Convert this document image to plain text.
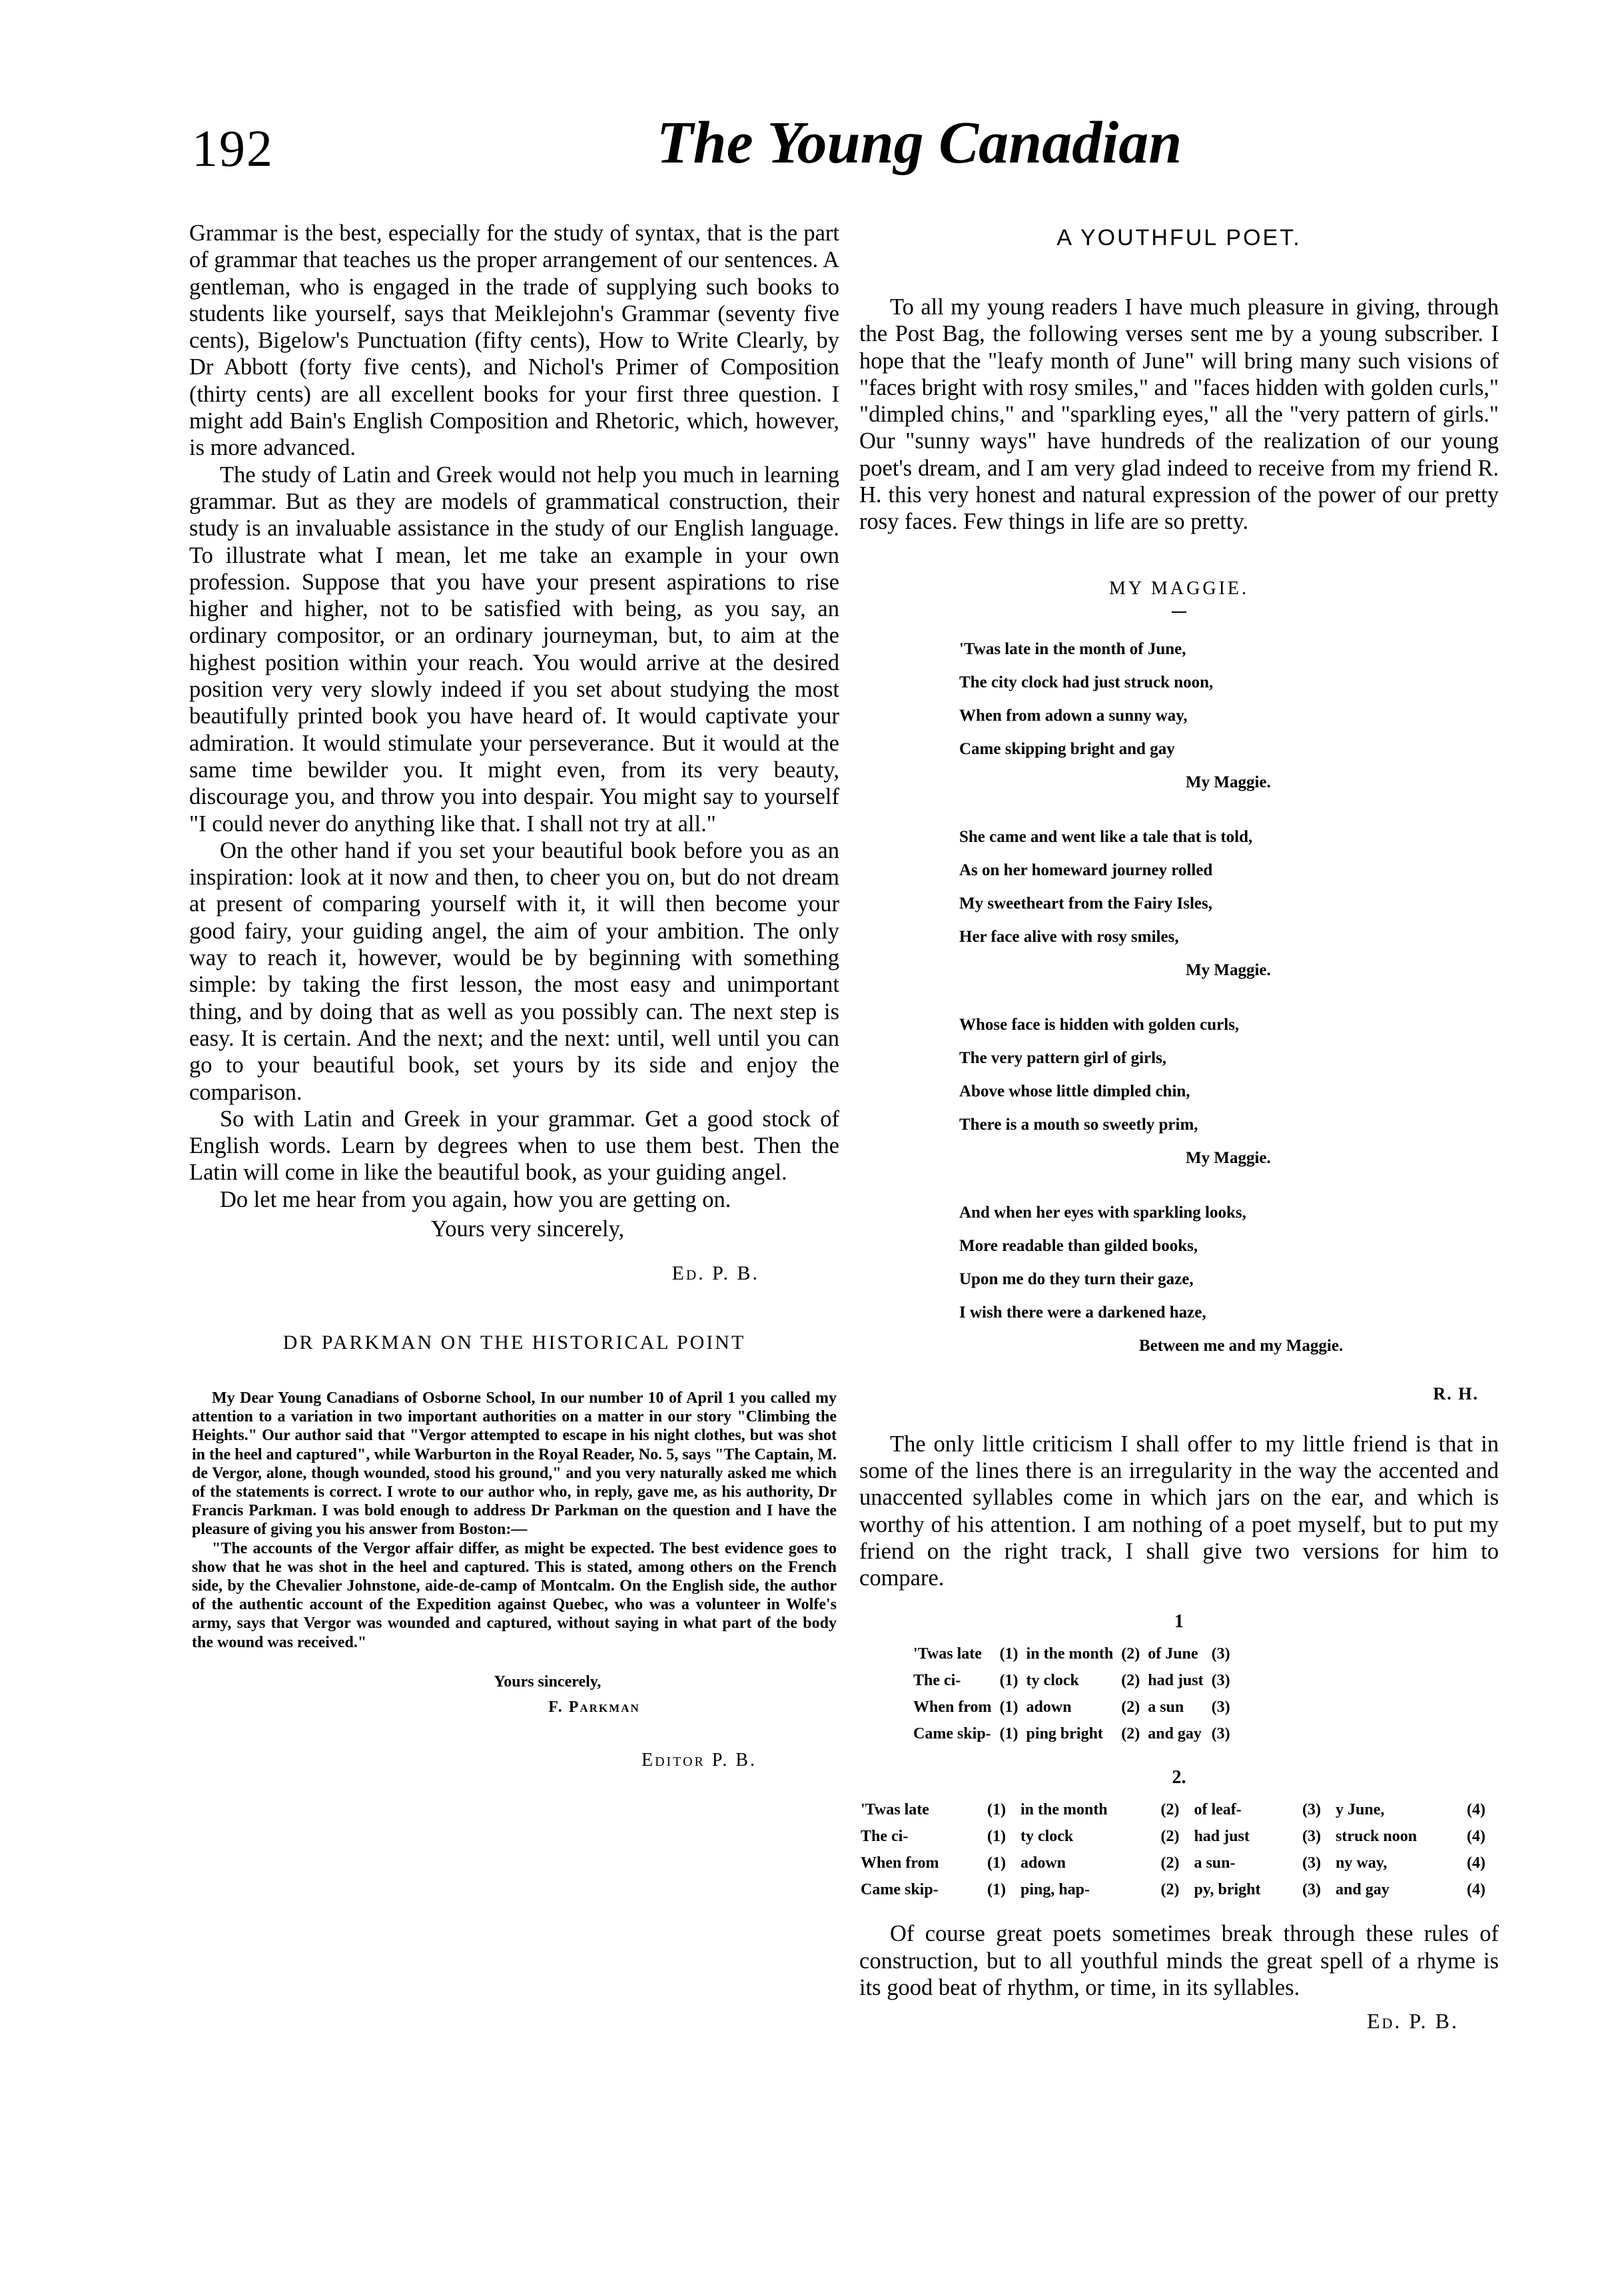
192	The Young Canadian

Grammar is the best, especially for the study of syntax, that is the part of grammar that teaches us the proper arrangement of our sentences. A gentleman, who is engaged in the trade of supplying such books to students like yourself, says that Meiklejohn's Grammar (seventy five cents), Bigelow's Punctuation (fifty cents), How to Write Clearly, by Dr Abbott (forty five cents), and Nichol's Primer of Composition (thirty cents) are all excellent books for your first three question. I might add Bain's English Composition and Rhetoric, which, however, is more advanced.

The study of Latin and Greek would not help you much in learning grammar. But as they are models of grammatical construction, their study is an invaluable assistance in the study of our English language. To illustrate what I mean, let me take an example in your own profession. Suppose that you have your present aspirations to rise higher and higher, not to be satisfied with being, as you say, an ordinary compositor, or an ordinary journeyman, but, to aim at the highest position within your reach. You would arrive at the desired position very very slowly indeed if you set about studying the most beautifully printed book you have heard of. It would captivate your admiration. It would stimulate your perseverance. But it would at the same time bewilder you. It might even, from its very beauty, discourage you, and throw you into despair. You might say to yourself "I could never do anything like that. I shall not try at all."

On the other hand if you set your beautiful book before you as an inspiration: look at it now and then, to cheer you on, but do not dream at present of comparing yourself with it, it will then become your good fairy, your guiding angel, the aim of your ambition. The only way to reach it, however, would be by beginning with something simple: by taking the first lesson, the most easy and unimportant thing, and by doing that as well as you possibly can. The next step is easy. It is certain. And the next; and the next: until, well until you can go to your beautiful book, set yours by its side and enjoy the comparison.

So with Latin and Greek in your grammar. Get a good stock of English words. Learn by degrees when to use them best. Then the Latin will come in like the beautiful book, as your guiding angel.

Do let me hear from you again, how you are getting on.

Yours very sincerely,

Ed. P. B.

DR PARKMAN ON THE HISTORICAL POINT

My Dear Young Canadians of Osborne School, In our number 10 of April 1 you called my attention to a variation in two important authorities on a matter in our story "Climbing the Heights." Our author said that "Vergor attempted to escape in his night clothes, but was shot in the heel and captured", while Warburton in the Royal Reader, No. 5, says "The Captain, M. de Vergor, alone, though wounded, stood his ground," and you very naturally asked me which of the statements is correct. I wrote to our author who, in reply, gave me, as his authority, Dr Francis Parkman. I was bold enough to address Dr Parkman on the question and I have the pleasure of giving you his answer from Boston:—

"The accounts of the Vergor affair differ, as might be expected. The best evidence goes to show that he was shot in the heel and captured. This is stated, among others on the French side, by the Chevalier Johnstone, aide-de-camp of Montcalm. On the English side, the author of the authentic account of the Expedition against Quebec, who was a volunteer in Wolfe's army, says that Vergor was wounded and captured, without saying in what part of the body the wound was received."

Yours sincerely,

F. Parkman

Editor P. B.

A YOUTHFUL POET.

To all my young readers I have much pleasure in giving, through the Post Bag, the following verses sent me by a young subscriber. I hope that the "leafy month of June" will bring many such visions of "faces bright with rosy smiles," and "faces hidden with golden curls," "dimpled chins," and "sparkling eyes," all the "very pattern of girls." Our "sunny ways" have hundreds of the realization of our young poet's dream, and I am very glad indeed to receive from my friend R. H. this very honest and natural expression of the power of our pretty rosy faces. Few things in life are so pretty.

MY MAGGIE.

'Twas late in the month of June,
The city clock had just struck noon,
When from adown a sunny way,
Came skipping bright and gay
My Maggie.
She came and went like a tale that is told,
As on her homeward journey rolled
My sweetheart from the Fairy Isles,
Her face alive with rosy smiles,
My Maggie.
Whose face is hidden with golden curls,
The very pattern girl of girls,
Above whose little dimpled chin,
There is a mouth so sweetly prim,
My Maggie.
And when her eyes with sparkling looks,
More readable than gilded books,
Upon me do they turn their gaze,
I wish there were a darkened haze,
Between me and my Maggie.

R. H.

The only little criticism I shall offer to my little friend is that in some of the lines there is an irregularity in the way the accented and unaccented syllables come in which jars on the ear, and which is worthy of his attention. I am nothing of a poet myself, but to put my friend on the right track, I shall give two versions for him to compare.

1

'Twas late	(1)	in the month	(2)	of June	(3)
The ci-	(1)	ty clock	(2)	had just	(3)
When from	(1)	adown	(2)	a sun	(3)
Came skip-	(1)	ping bright	(2)	and gay	(3)

2.

'Twas late	(1)	in the month	(2)	of leaf-	(3)	y June,	(4)
The ci-	(1)	ty clock	(2)	had just	(3)	struck noon	(4)
When from	(1)	adown	(2)	a sun-	(3)	ny way,	(4)
Came skip-	(1)	ping, hap-	(2)	py, bright	(3)	and gay	(4)

Of course great poets sometimes break through these rules of construction, but to all youthful minds the great spell of a rhyme is its good beat of rhythm, or time, in its syllables.

Ed. P. B.
